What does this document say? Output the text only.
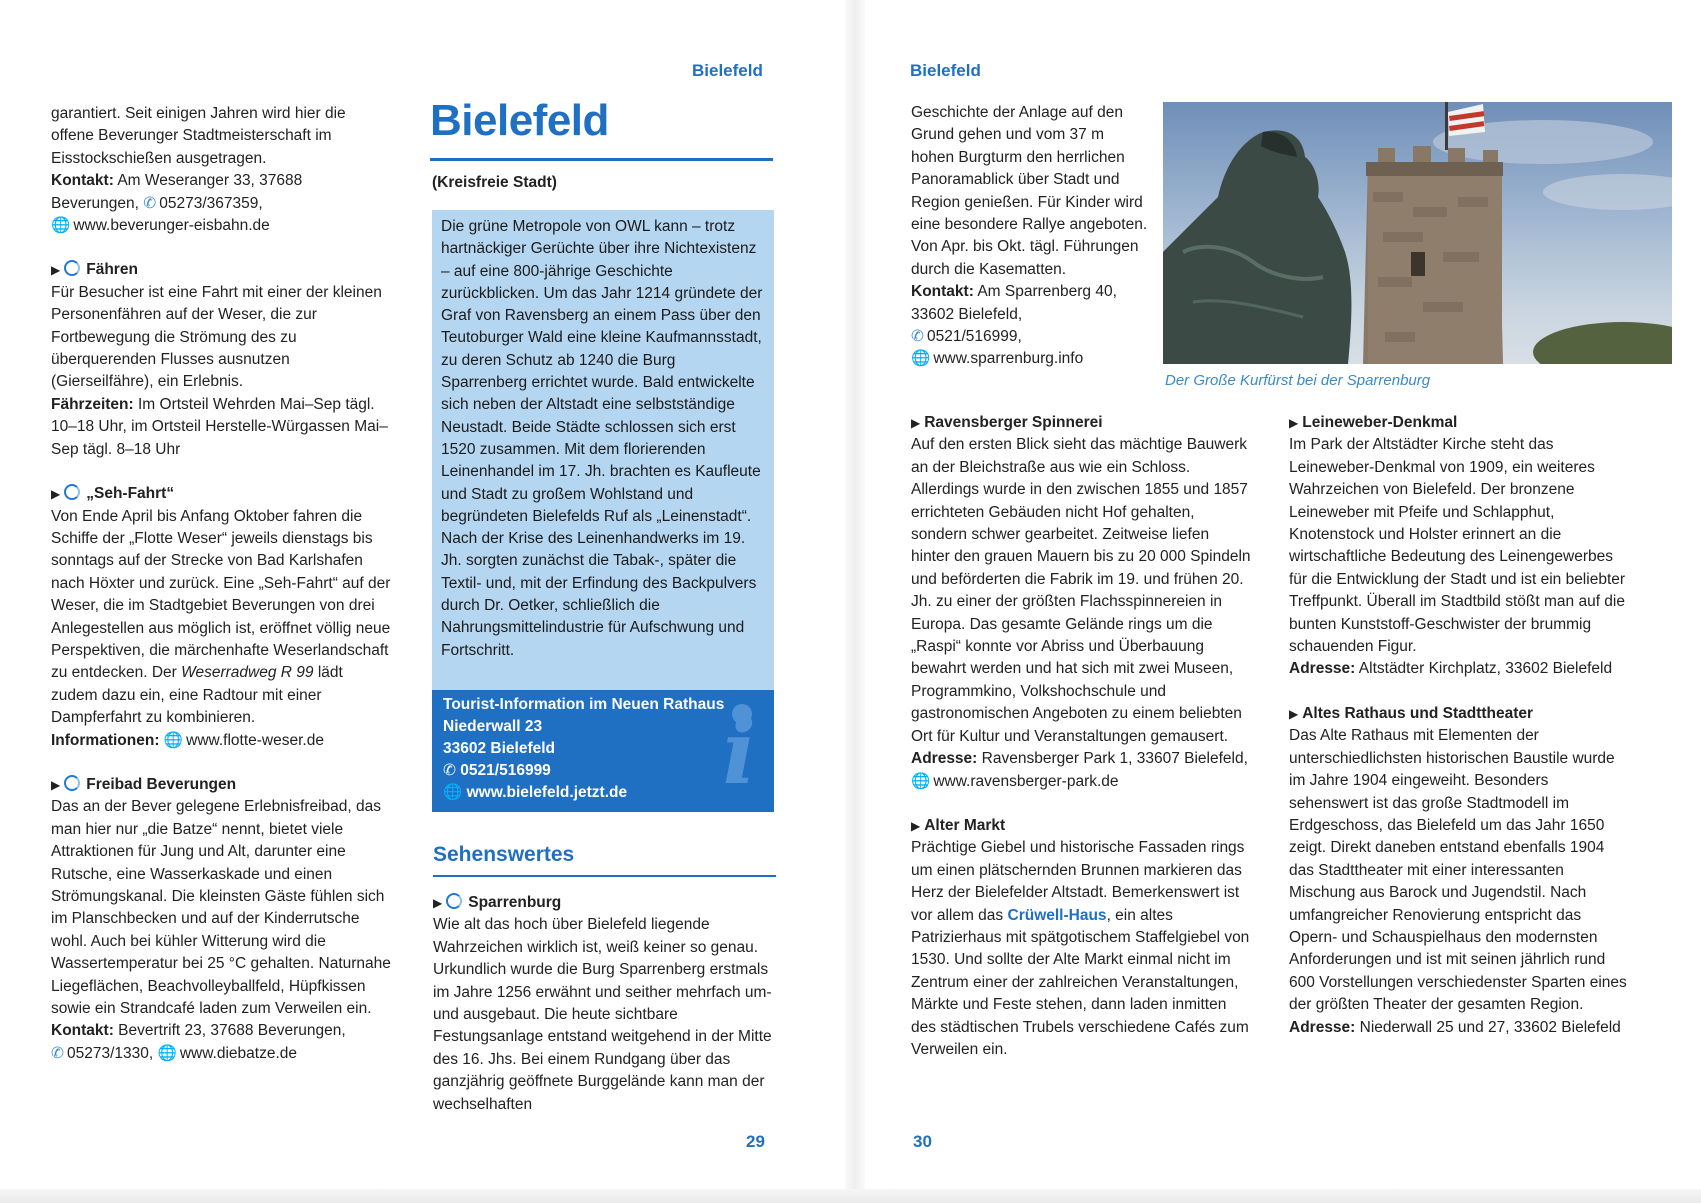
Bielefeld

garantiert. Seit einigen Jahren wird hier die offene Beverunger Stadtmeisterschaft im Eisstockschießen ausgetragen.

Kontakt: Am Weseranger 33, 37688 Beverungen, ✆ 05273/367359,

🌐 www.beverunger-eisbahn.de

▶ Fähren

Für Besucher ist eine Fahrt mit einer der kleinen Personenfähren auf der Weser, die zur Fortbewegung die Strömung des zu überquerenden Flusses ausnutzen (Gierseilfähre), ein Erlebnis.

Fährzeiten: Im Ortsteil Wehrden Mai–Sep tägl. 10–18 Uhr, im Ortsteil Herstelle-Würgassen Mai–Sep tägl. 8–18 Uhr

▶ „Seh-Fahrt“

Von Ende April bis Anfang Oktober fahren die Schiffe der „Flotte Weser“ jeweils dienstags bis sonntags auf der Strecke von Bad Karlshafen nach Höxter und zurück. Eine „Seh-Fahrt“ auf der Weser, die im Stadtgebiet Beverungen von drei Anlegestellen aus möglich ist, eröffnet völlig neue Perspektiven, die märchenhafte Weserlandschaft zu entdecken. Der Weserradweg R 99 lädt zudem dazu ein, eine Radtour mit einer Dampferfahrt zu kombinieren.

Informationen: 🌐 www.flotte-weser.de

▶ Freibad Beverungen

Das an der Bever gelegene Erlebnisfreibad, das man hier nur „die Batze“ nennt, bietet viele Attraktionen für Jung und Alt, darunter eine Rutsche, eine Wasserkaskade und einen Strömungskanal. Die kleinsten Gäste fühlen sich im Planschbecken und auf der Kinderrutsche wohl. Auch bei kühler Witterung wird die Wassertemperatur bei 25 °C gehalten. Naturnahe Liegeflächen, Beachvolleyballfeld, Hüpfkissen sowie ein Strandcafé laden zum Verweilen ein.

Kontakt: Bevertrift 23, 37688 Beverungen,

✆ 05273/1330, 🌐 www.diebatze.de

Bielefeld
(Kreisfreie Stadt)

Die grüne Metropole von OWL kann – trotz hartnäckiger Gerüchte über ihre Nichtexistenz – auf eine 800-jährige Geschichte zurückblicken. Um das Jahr 1214 gründete der Graf von Ravensberg an einem Pass über den Teutoburger Wald eine kleine Kaufmannsstadt, zu deren Schutz ab 1240 die Burg Sparrenberg errichtet wurde. Bald entwickelte sich neben der Altstadt eine selbstständige Neustadt. Beide Städte schlossen sich erst 1520 zusammen. Mit dem florierenden Leinenhandel im 17. Jh. brachten es Kaufleute und Stadt zu großem Wohlstand und begründeten Bielefelds Ruf als „Leinenstadt“. Nach der Krise des Leinenhandwerks im 19. Jh. sorgten zunächst die Tabak-, später die Textil- und, mit der Erfindung des Backpulvers durch Dr. Oetker, schließlich die Nahrungsmittelindustrie für Aufschwung und Fortschritt.

i
Tourist-Information im Neuen Rathaus
Niederwall 23
33602 Bielefeld
✆ 0521/516999
🌐 www.bielefeld.jetzt.de
Sehenswertes

▶ Sparrenburg

Wie alt das hoch über Bielefeld liegende Wahrzeichen wirklich ist, weiß keiner so genau. Urkundlich wurde die Burg Sparrenberg erstmals im Jahre 1256 erwähnt und seither mehrfach um- und ausgebaut. Die heute sichtbare Festungsanlage entstand weitgehend in der Mitte des 16. Jhs. Bei einem Rundgang über das ganzjährig geöffnete Burggelände kann man der wechselhaften

29
Bielefeld

Geschichte der Anlage auf den Grund gehen und vom 37 m hohen Burgturm den herrlichen Panoramablick über Stadt und Region genießen. Für Kinder wird eine besondere Rallye angeboten. Von Apr. bis Okt. tägl. Führungen durch die Kasematten.

Kontakt: Am Sparrenberg 40, 33602 Bielefeld,

✆ 0521/516999,

🌐 www.sparrenburg.info

Der Große Kurfürst bei der Sparrenburg

▶ Ravensberger Spinnerei

Auf den ersten Blick sieht das mächtige Bauwerk an der Bleichstraße aus wie ein Schloss. Allerdings wurde in den zwischen 1855 und 1857 errichteten Gebäuden nicht Hof gehalten, sondern schwer gearbeitet. Zeitweise liefen hinter den grauen Mauern bis zu 20 000 Spindeln und beförderten die Fabrik im 19. und frühen 20. Jh. zu einer der größten Flachsspinnereien in Europa. Das gesamte Gelände rings um die „Raspi“ konnte vor Abriss und Überbauung bewahrt werden und hat sich mit zwei Museen, Programmkino, Volkshochschule und gastronomischen Angeboten zu einem beliebten Ort für Kultur und Veranstaltungen gemausert.

Adresse: Ravensberger Park 1, 33607 Bielefeld, 🌐 www.ravensberger-park.de

▶ Alter Markt

Prächtige Giebel und historische Fassaden rings um einen plätschernden Brunnen markieren das Herz der Bielefelder Altstadt. Bemerkenswert ist vor allem das Crüwell-Haus, ein altes Patrizierhaus mit spätgotischem Staffelgiebel von 1530. Und sollte der Alte Markt einmal nicht im Zentrum einer der zahlreichen Veranstaltungen, Märkte und Feste stehen, dann laden inmitten des städtischen Trubels verschiedene Cafés zum Verweilen ein.

▶ Leineweber-Denkmal

Im Park der Altstädter Kirche steht das Leineweber-Denkmal von 1909, ein weiteres Wahrzeichen von Bielefeld. Der bronzene Leineweber mit Pfeife und Schlapphut, Knotenstock und Holster erinnert an die wirtschaftliche Bedeutung des Leinengewerbes für die Entwicklung der Stadt und ist ein beliebter Treffpunkt. Überall im Stadtbild stößt man auf die bunten Kunststoff-Geschwister der brummig schauenden Figur.

Adresse: Altstädter Kirchplatz, 33602 Bielefeld

▶ Altes Rathaus und Stadttheater

Das Alte Rathaus mit Elementen der unterschiedlichsten historischen Baustile wurde im Jahre 1904 eingeweiht. Besonders sehenswert ist das große Stadtmodell im Erdgeschoss, das Bielefeld um das Jahr 1650 zeigt. Direkt daneben entstand ebenfalls 1904 das Stadttheater mit einer interessanten Mischung aus Barock und Jugendstil. Nach umfangreicher Renovierung entspricht das Opern- und Schauspielhaus den modernsten Anforderungen und ist mit seinen jährlich rund 600 Vorstellungen verschiedenster Sparten eines der größten Theater der gesamten Region.

Adresse: Niederwall 25 und 27, 33602 Bielefeld

30
